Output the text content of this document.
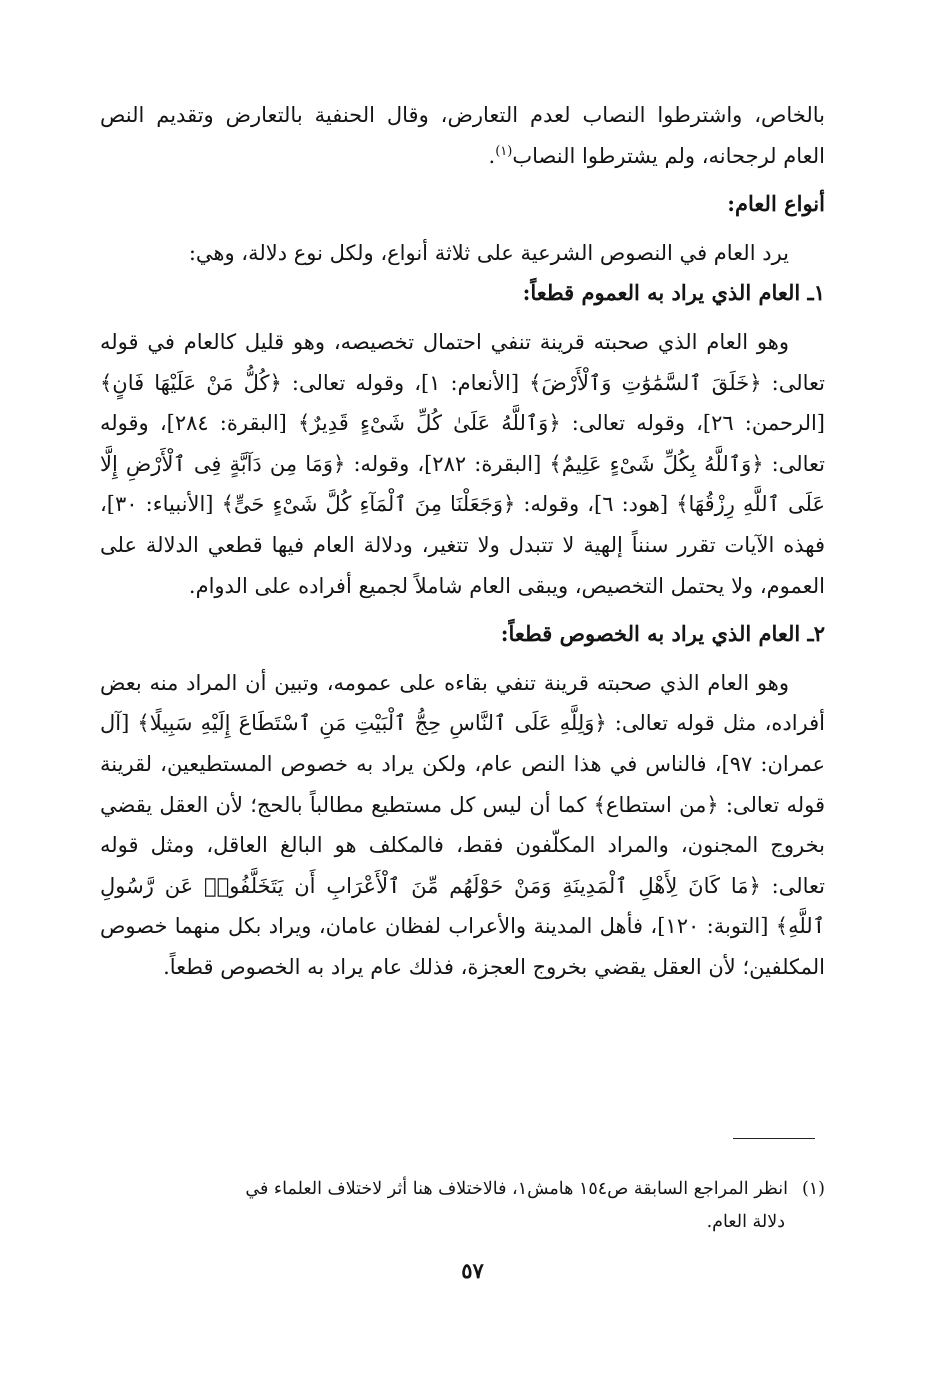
بالخاص، واشترطوا النصاب لعدم التعارض، وقال الحنفية بالتعارض وتقديم النص العام لرجحانه، ولم يشترطوا النصاب$^{(١)}$.

أنواع العام:

يرد العام في النصوص الشرعية على ثلاثة أنواع، ولكل نوع دلالة، وهي:

١ـ العام الذي يراد به العموم قطعاً:

وهو العام الذي صحبته قرينة تنفي احتمال تخصيصه، وهو قليل كالعام في قوله تعالى: ﴿خَلَقَ ٱلسَّمَٰوَٰتِ وَٱلْأَرْضَ﴾ [الأنعام: ١]، وقوله تعالى: ﴿كُلُّ مَنْ عَلَيْهَا فَانٍ﴾ [الرحمن: ٢٦]، وقوله تعالى: ﴿وَٱللَّهُ عَلَىٰ كُلِّ شَىْءٍ قَدِيرٌ﴾ [البقرة: ٢٨٤]، وقوله تعالى: ﴿وَٱللَّهُ بِكُلِّ شَىْءٍ عَلِيمٌ﴾ [البقرة: ٢٨٢]، وقوله: ﴿وَمَا مِن دَآبَّةٍ فِى ٱلْأَرْضِ إِلَّا عَلَى ٱللَّهِ رِزْقُهَا﴾ [هود: ٦]، وقوله: ﴿وَجَعَلْنَا مِنَ ٱلْمَآءِ كُلَّ شَىْءٍ حَىٍّ﴾ [الأنبياء: ٣٠]، فهذه الآيات تقرر سنناً إلهية لا تتبدل ولا تتغير، ودلالة العام فيها قطعي الدلالة على العموم، ولا يحتمل التخصيص، ويبقى العام شاملاً لجميع أفراده على الدوام.

٢ـ العام الذي يراد به الخصوص قطعاً:

وهو العام الذي صحبته قرينة تنفي بقاءه على عمومه، وتبين أن المراد منه بعض أفراده، مثل قوله تعالى: ﴿وَلِلَّهِ عَلَى ٱلنَّاسِ حِجُّ ٱلْبَيْتِ مَنِ ٱسْتَطَاعَ إِلَيْهِ سَبِيلًا﴾ [آل عمران: ٩٧]، فالناس في هذا النص عام، ولكن يراد به خصوص المستطيعين، لقرينة قوله تعالى: ﴿من استطاع﴾ كما أن ليس كل مستطيع مطالباً بالحج؛ لأن العقل يقضي بخروج المجنون، والمراد المكلّفون فقط، فالمكلف هو البالغ العاقل، ومثل قوله تعالى: ﴿مَا كَانَ لِأَهْلِ ٱلْمَدِينَةِ وَمَنْ حَوْلَهُم مِّنَ ٱلْأَعْرَابِ أَن يَتَخَلَّفُوا۟ عَن رَّسُولِ ٱللَّهِ﴾ [التوبة: ١٢٠]، فأهل المدينة والأعراب لفظان عامان، ويراد بكل منهما خصوص المكلفين؛ لأن العقل يقضي بخروج العجزة، فذلك عام يراد به الخصوص قطعاً.

(١)انظر المراجع السابقة ص١٥٤ هامش١، فالاختلاف هنا أثر لاختلاف العلماء في
دلالة العام.
٥٧
